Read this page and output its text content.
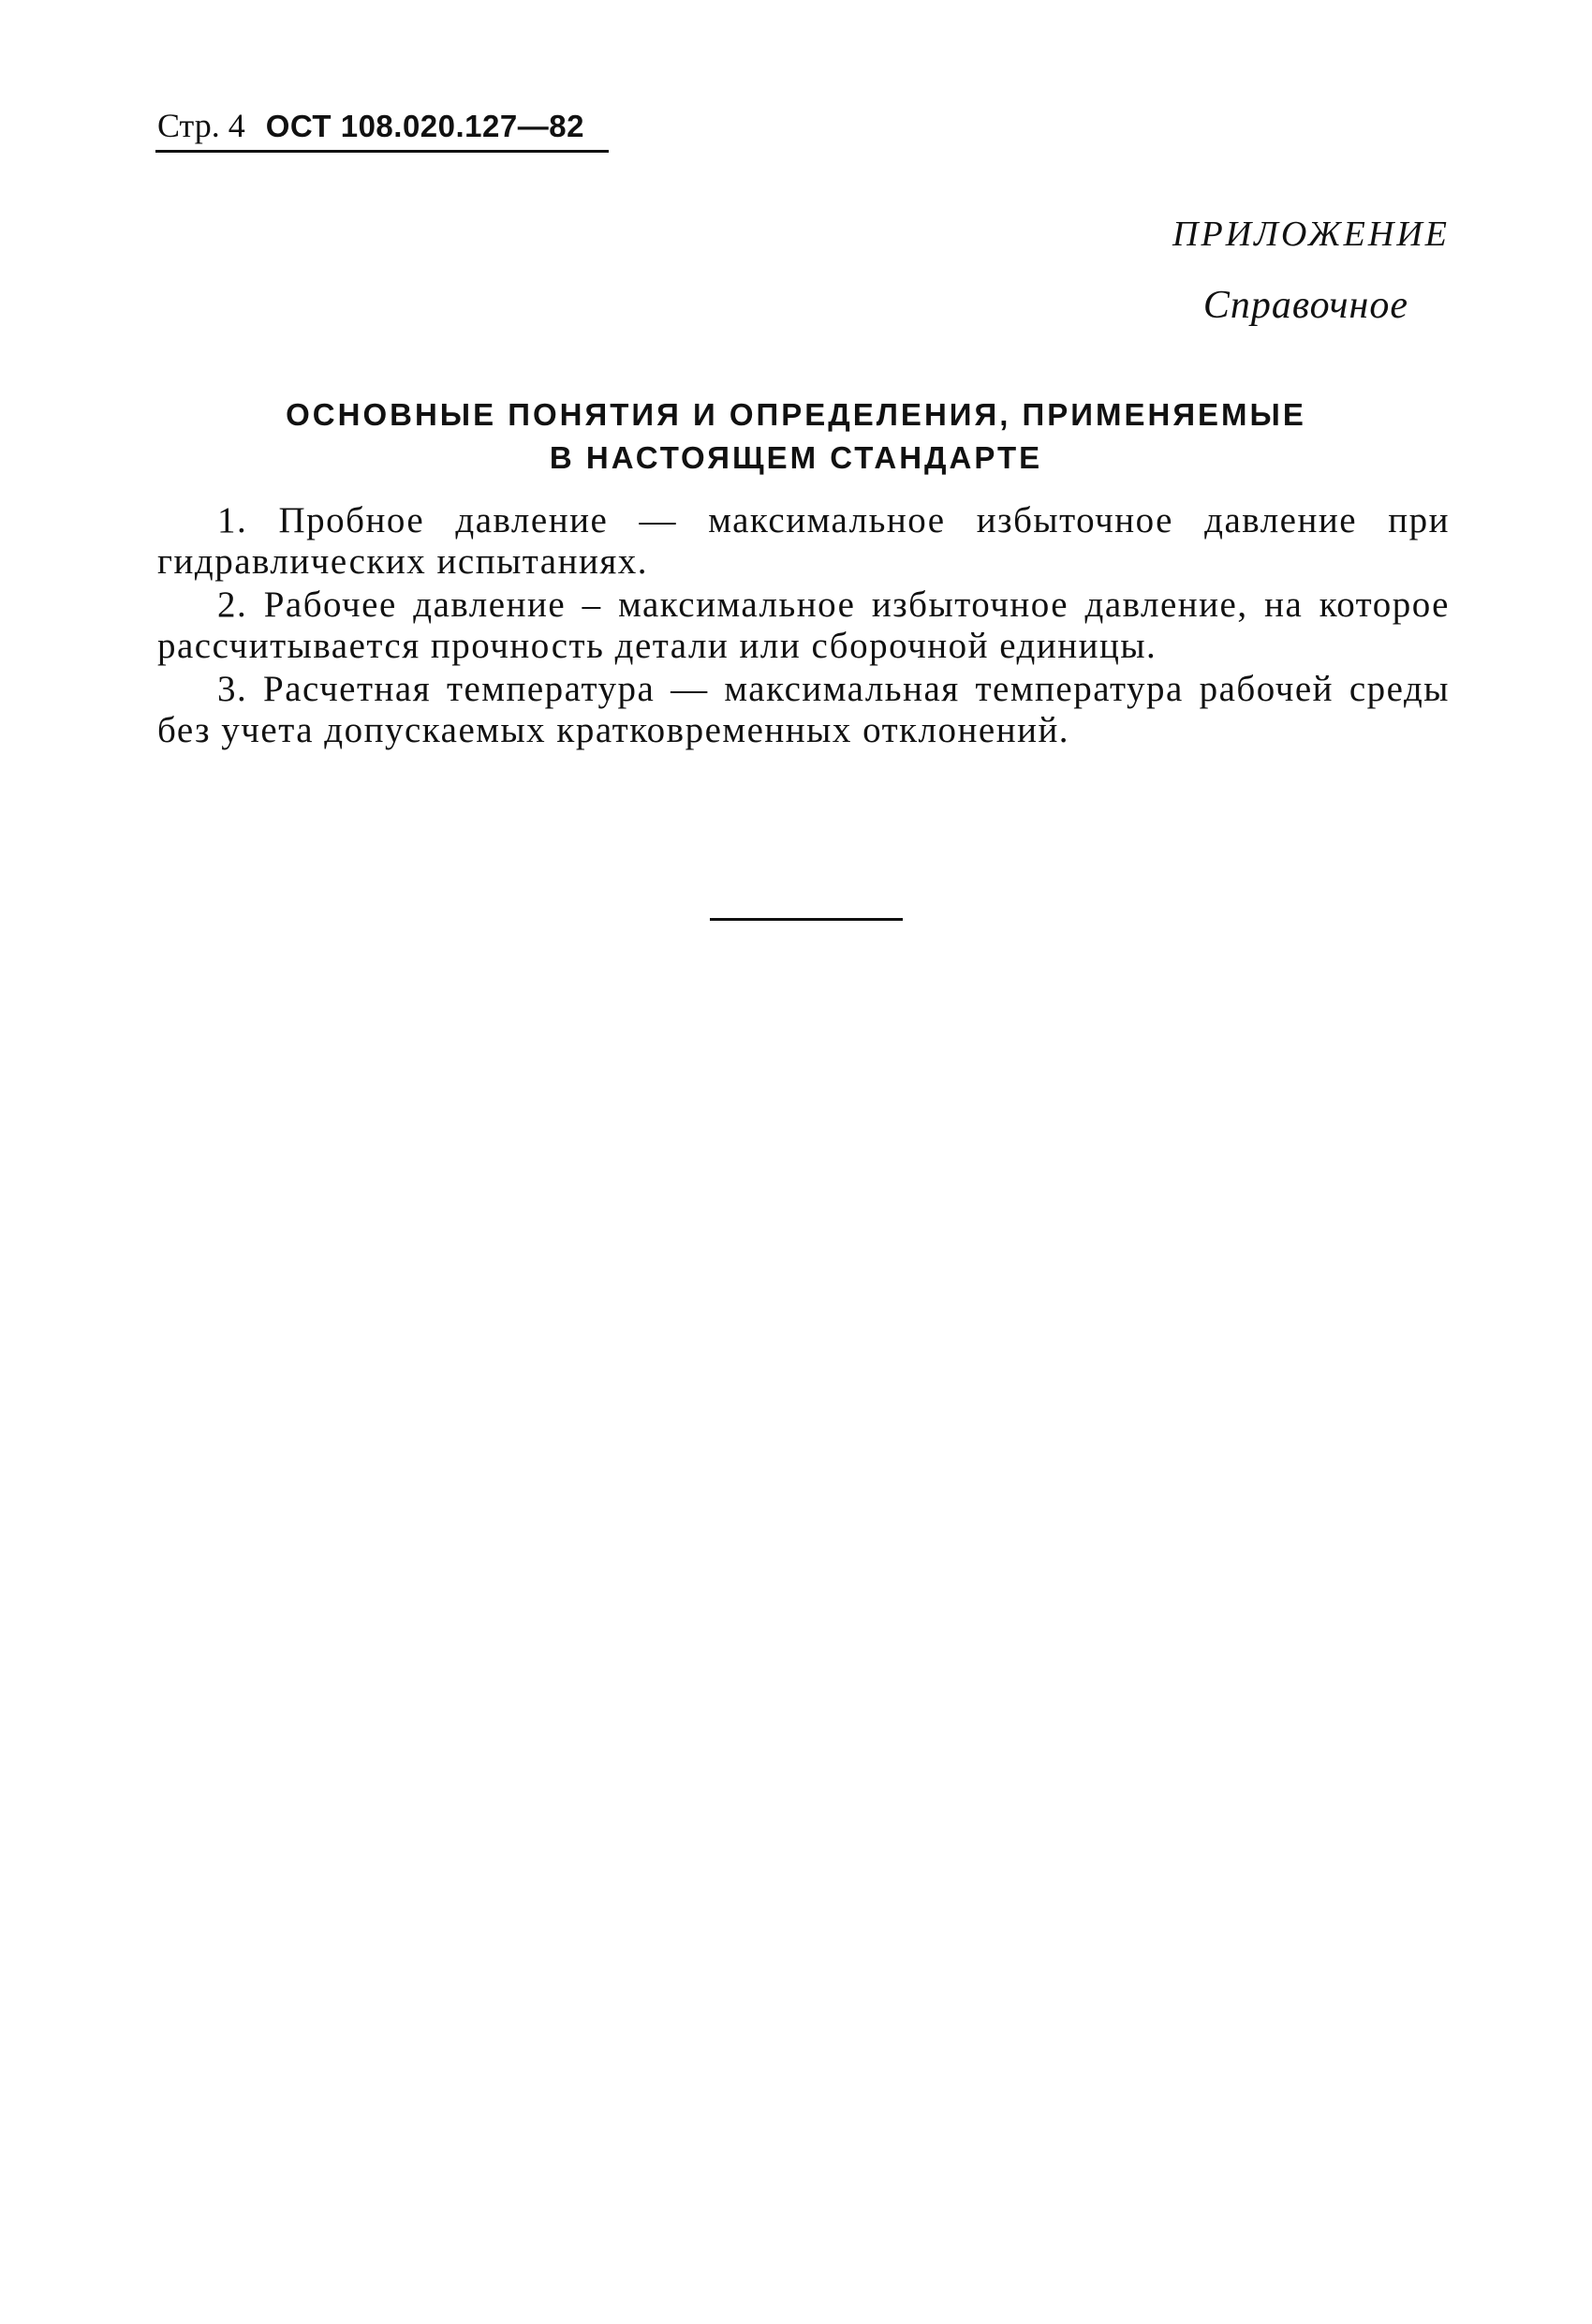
Стр. 4 ОСТ 108.020.127—82
ПРИЛОЖЕНИЕ
Справочное
ОСНОВНЫЕ ПОНЯТИЯ И ОПРЕДЕЛЕНИЯ, ПРИМЕНЯЕМЫЕ
В НАСТОЯЩЕМ СТАНДАРТЕ

1. Пробное давление — максимальное избыточное давление при гидравлических испытаниях.

2. Рабочее давление – максимальное избыточное давление, на которое рассчитывается прочность детали или сборочной единицы.

3. Расчетная температура — максимальная температура рабочей среды без учета допускаемых кратковременных отклонений.
